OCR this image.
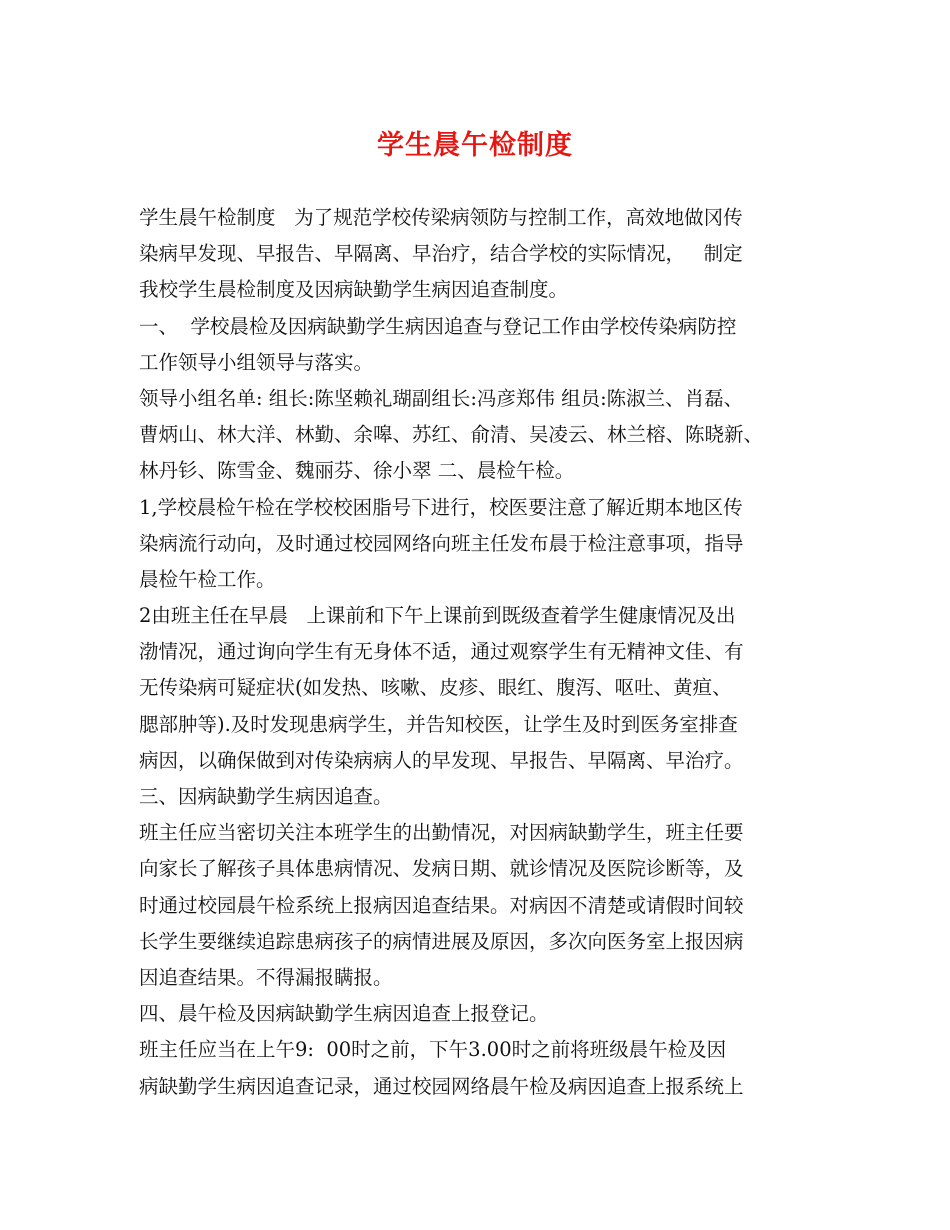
学生晨午检制度
学生晨午检制度   为了规范学校传梁病领防与控制工作，高效地做冈传
染病早发现、早报告、早隔离、早治疗，结合学校的实际情况，   制定
我校学生晨检制度及因病缺勤学生病因追查制度。
一、  学校晨检及因病缺勤学生病因追查与登记工作由学校传染病防控
工作领导小组领导与落实。
领导小组名单: 组长:陈坚赖礼瑚副组长:冯彦郑伟 组员:陈淑兰、肖磊、
曹炳山、林大洋、林勤、余嗥、苏红、俞清、吴凌云、林兰榕、陈晓新、
林丹钐、陈雪金、魏丽芬、徐小翠 二、晨检午检。
1,学校晨检午检在学校校困脂号下进行，校医要注意了解近期本地区传
染病流行动向，及时通过校园网络向班主任发布晨于检注意事项，指导
晨检午检工作。
2由班主任在早晨   上课前和下午上课前到既级查着学生健康情况及出
渤情况，通过询向学生有无身体不适，通过观察学生有无精神文佳、有
无传染病可疑症状(如发热、咳嗽、皮疹、眼红、腹泻、呕吐、黄疸、
腮部肿等).及时发现患病学生，并告知校医，让学生及时到医务室排查
病因，以确保做到对传染病病人的早发现、早报告、早隔离、早治疗。
三、因病缺勤学生病因追查。
班主任应当密切关注本班学生的出勤情况，对因病缺勤学生，班主任要
向家长了解孩子具体患病情况、发病日期、就诊情况及医院诊断等，及
时通过校园晨午检系统上报病因追查结果。对病因不清楚或请假时间较
长学生要继续追踪患病孩子的病情进展及原因，多次向医务室上报因病
因追查结果。不得漏报瞒报。
四、晨午检及因病缺勤学生病因追查上报登记。
班主任应当在上午9:  00时之前，下午3.00时之前将班级晨午检及因
病缺勤学生病因追查记录，通过校园网络晨午检及病因追查上报系统上
